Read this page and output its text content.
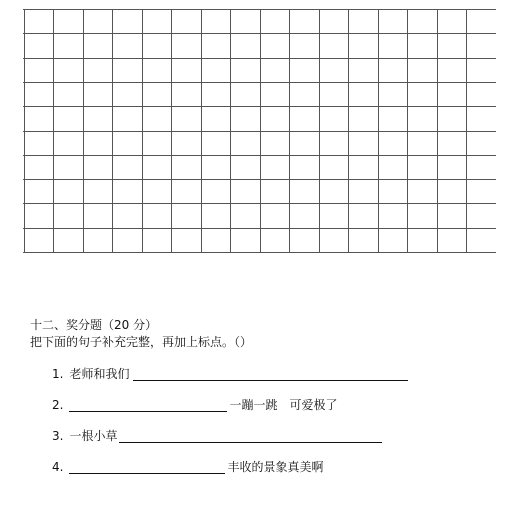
十二、奖分题（20 分）
把下面的句子补充完整，再加上标点。（）
1. 老师和我们
2.	一蹦一跳　可爱极了
3. 一根小草
4.	丰收的景象真美啊
